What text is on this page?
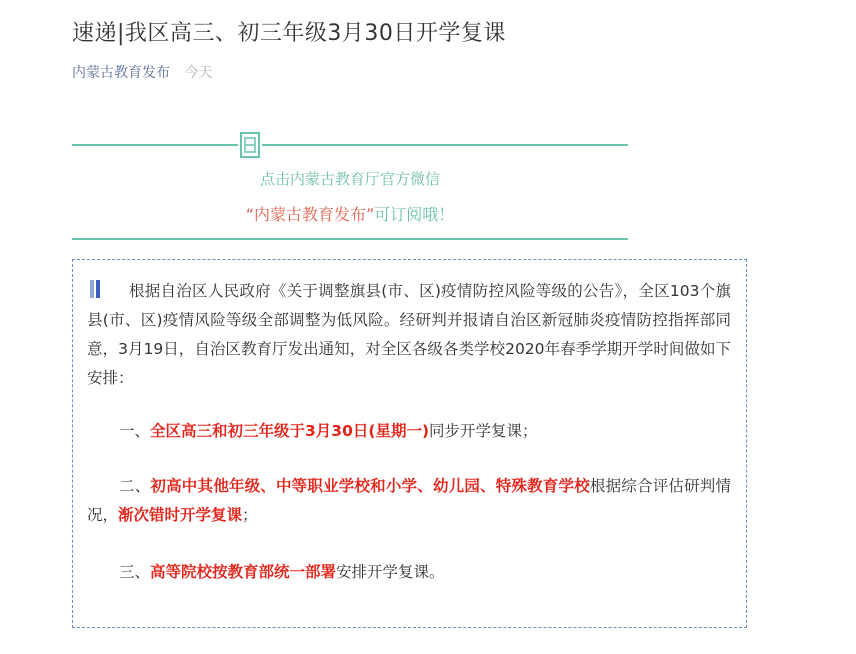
速递|我区高三、初三年级3月30日开学复课
内蒙古教育发布 今天
点击内蒙古教育厅官方微信
“内蒙古教育发布”可订阅哦！
根据自治区人民政府《关于调整旗县(市、区)疫情防控风险等级的公告》，全区103个旗县(市、区)疫情风险等级全部调整为低风险。经研判并报请自治区新冠肺炎疫情防控指挥部同意，3月19日，自治区教育厅发出通知，对全区各级各类学校2020年春季学期开学时间做如下安排：
一、全区高三和初三年级于3月30日(星期一)同步开学复课；
二、初高中其他年级、中等职业学校和小学、幼儿园、特殊教育学校根据综合评估研判情况，渐次错时开学复课；
三、高等院校按教育部统一部署安排开学复课。
